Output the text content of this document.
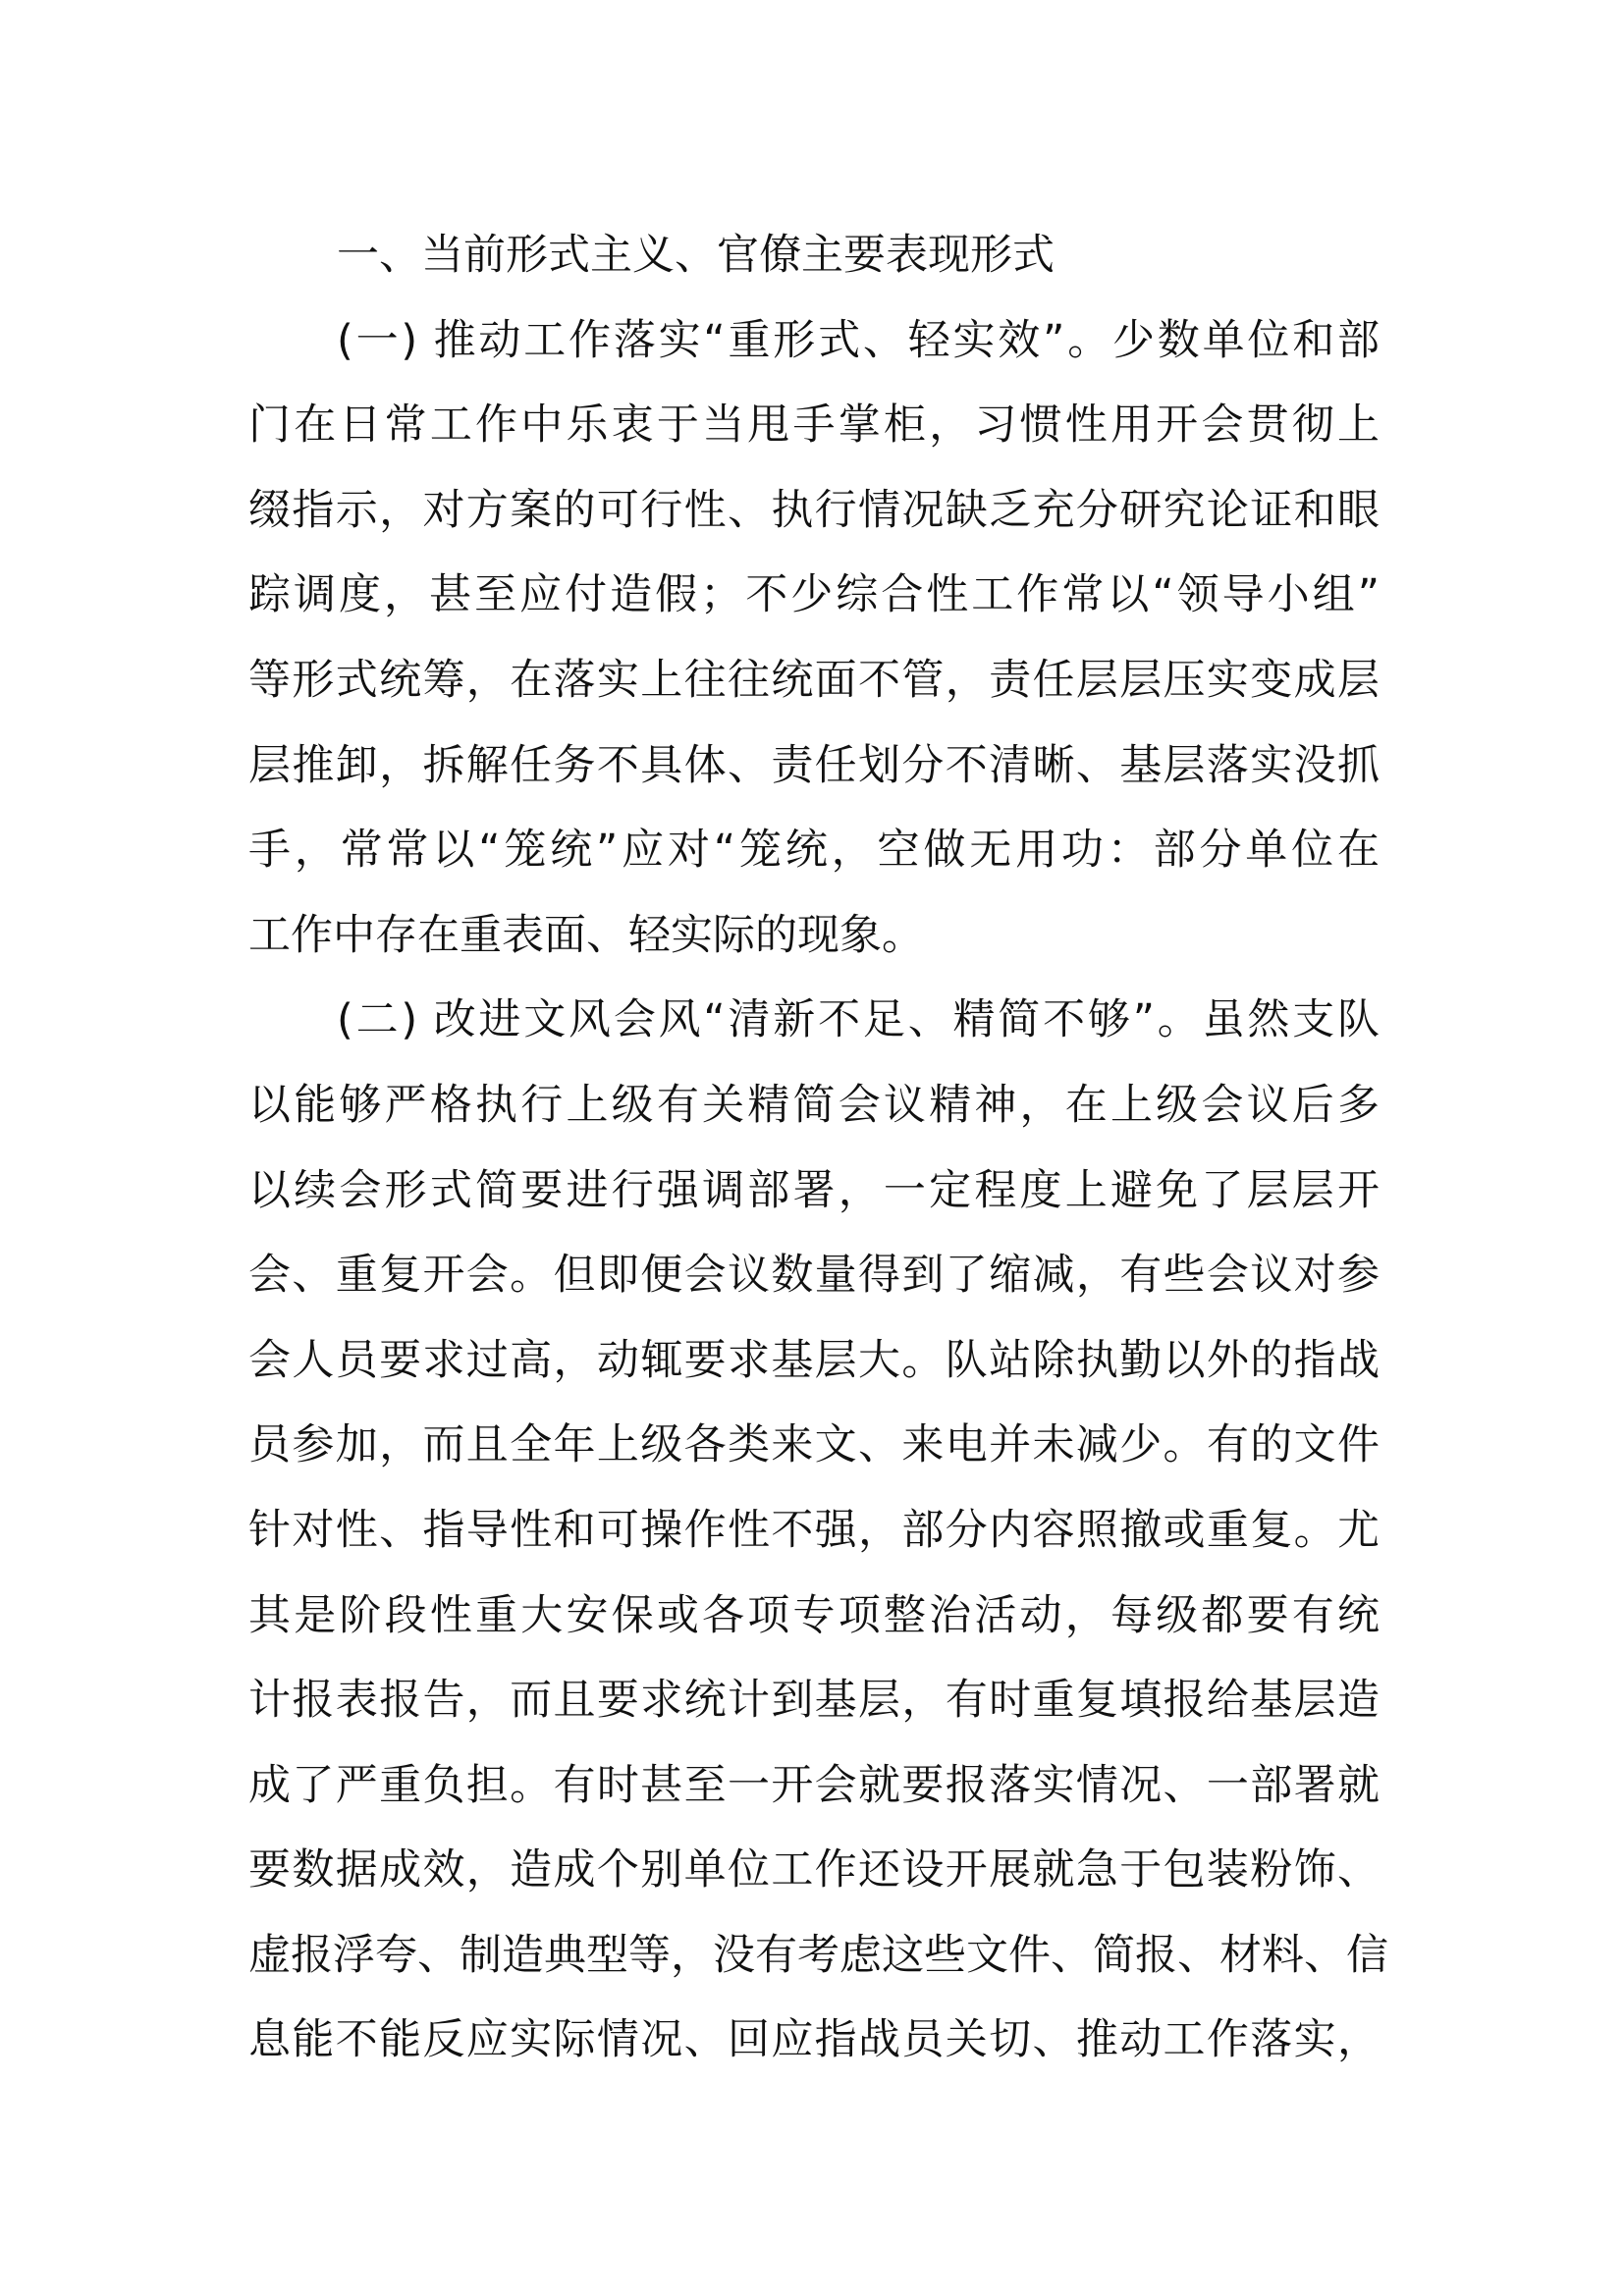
一、当前形式主义、官僚主要表现形式
(一) 推动工作落实“重形式、轻实效”。少数单位和部
门在日常工作中乐衷于当甩手掌柜，习惯性用开会贯彻上
缀指示，对方案的可行性、执行情况缺乏充分研究论证和眼
踪调度，甚至应付造假；不少综合性工作常以“领导小组”
等形式统筹，在落实上往往统面不管，责任层层压实变成层
层推卸，拆解任务不具体、责任划分不清晰、基层落实没抓
手，常常以“笼统”应对“笼统，空做无用功：部分单位在
工作中存在重表面、轻实际的现象。
(二) 改进文风会风“清新不足、精简不够”。虽然支队
以能够严格执行上级有关精简会议精神，在上级会议后多
以续会形式简要进行强调部署，一定程度上避免了层层开
会、重复开会。但即便会议数量得到了缩减，有些会议对参
会人员要求过高，动辄要求基层大。队站除执勤以外的指战
员参加，而且全年上级各类来文、来电并未减少。有的文件
针对性、指导性和可操作性不强，部分内容照撤或重复。尤
其是阶段性重大安保或各项专项整治活动，每级都要有统
计报表报告，而且要求统计到基层，有时重复填报给基层造
成了严重负担。有时甚至一开会就要报落实情况、一部署就
要数据成效，造成个别单位工作还设开展就急于包装粉饰、
虚报浮夸、制造典型等，没有考虑这些文件、简报、材料、信
息能不能反应实际情况、回应指战员关切、推动工作落实，
